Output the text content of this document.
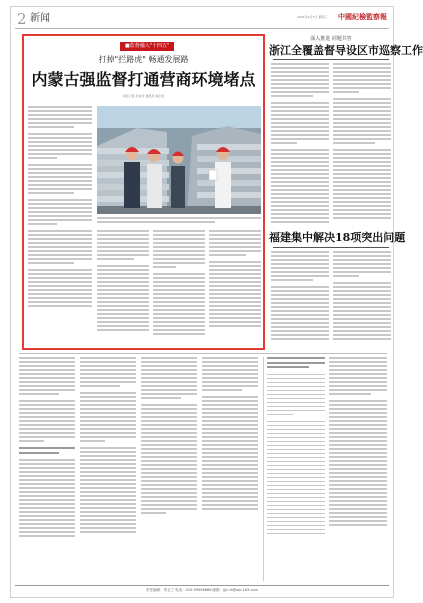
2 新闻	2021年4月7日 星期三 中國紀檢監察報
■监督融入"十四五"
打掉"拦路虎" 畅通发展路
内蒙古强监督打通营商环境堵点
本报记者 孙金龙 通讯员 韩洪泉
深入推进 同题共答
浙江全覆盖督导设区市巡察工作
福建集中解决18项突出问题
责任编辑：李玉兰 电话：010-59596686 邮箱：jjjc-rb@vip.163.com
